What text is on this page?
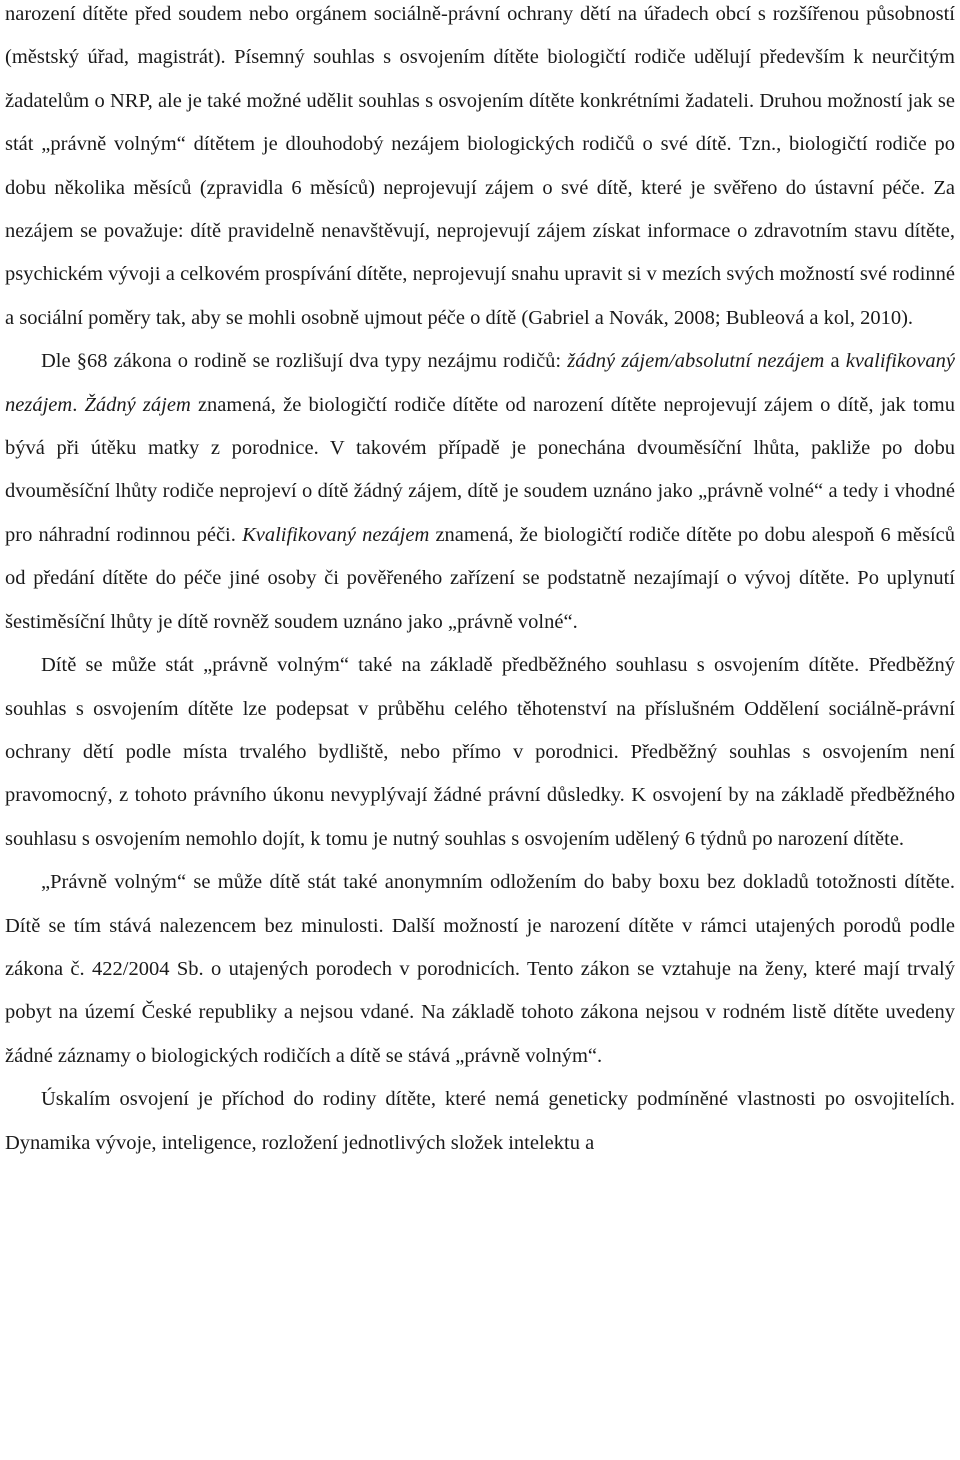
narození dítěte před soudem nebo orgánem sociálně-právní ochrany dětí na úřadech obcí s rozšířenou působností (městský úřad, magistrát). Písemný souhlas s osvojením dítěte biologičtí rodiče udělují především k neurčitým žadatelům o NRP, ale je také možné udělit souhlas s osvojením dítěte konkrétními žadateli. Druhou možností jak se stát „právně volným“ dítětem je dlouhodobý nezájem biologických rodičů o své dítě. Tzn., biologičtí rodiče po dobu několika měsíců (zpravidla 6 měsíců) neprojevují zájem o své dítě, které je svěřeno do ústavní péče. Za nezájem se považuje: dítě pravidelně nenavštěvují, neprojevují zájem získat informace o zdravotním stavu dítěte, psychickém vývoji a celkovém prospívání dítěte, neprojevují snahu upravit si v mezích svých možností své rodinné a sociální poměry tak, aby se mohli osobně ujmout péče o dítě (Gabriel a Novák, 2008; Bubleová a kol, 2010).

Dle §68 zákona o rodině se rozlišují dva typy nezájmu rodičů: žádný zájem/absolutní nezájem a kvalifikovaný nezájem. Žádný zájem znamená, že biologičtí rodiče dítěte od narození dítěte neprojevují zájem o dítě, jak tomu bývá při útěku matky z porodnice. V takovém případě je ponechána dvouměsíční lhůta, pakliže po dobu dvouměsíční lhůty rodiče neprojeví o dítě žádný zájem, dítě je soudem uznáno jako „právně volné“ a tedy i vhodné pro náhradní rodinnou péči. Kvalifikovaný nezájem znamená, že biologičtí rodiče dítěte po dobu alespoň 6 měsíců od předání dítěte do péče jiné osoby či pověřeného zařízení se podstatně nezajímají o vývoj dítěte. Po uplynutí šestiměsíční lhůty je dítě rovněž soudem uznáno jako „právně volné“.

Dítě se může stát „právně volným“ také na základě předběžného souhlasu s osvojením dítěte. Předběžný souhlas s osvojením dítěte lze podepsat v průběhu celého těhotenství na příslušném Oddělení sociálně-právní ochrany dětí podle místa trvalého bydliště, nebo přímo v porodnici. Předběžný souhlas s osvojením není pravomocný, z tohoto právního úkonu nevyplývají žádné právní důsledky. K osvojení by na základě předběžného souhlasu s osvojením nemohlo dojít, k tomu je nutný souhlas s osvojením udělený 6 týdnů po narození dítěte.

„Právně volným“ se může dítě stát také anonymním odložením do baby boxu bez dokladů totožnosti dítěte. Dítě se tím stává nalezencem bez minulosti. Další možností je narození dítěte v rámci utajených porodů podle zákona č. 422/2004 Sb. o utajených porodech v porodnicích. Tento zákon se vztahuje na ženy, které mají trvalý pobyt na území České republiky a nejsou vdané. Na základě tohoto zákona nejsou v rodném listě dítěte uvedeny žádné záznamy o biologických rodičích a dítě se stává „právně volným“.

Úskalím osvojení je příchod do rodiny dítěte, které nemá geneticky podmíněné vlastnosti po osvojitelích. Dynamika vývoje, inteligence, rozložení jednotlivých složek intelektu a
